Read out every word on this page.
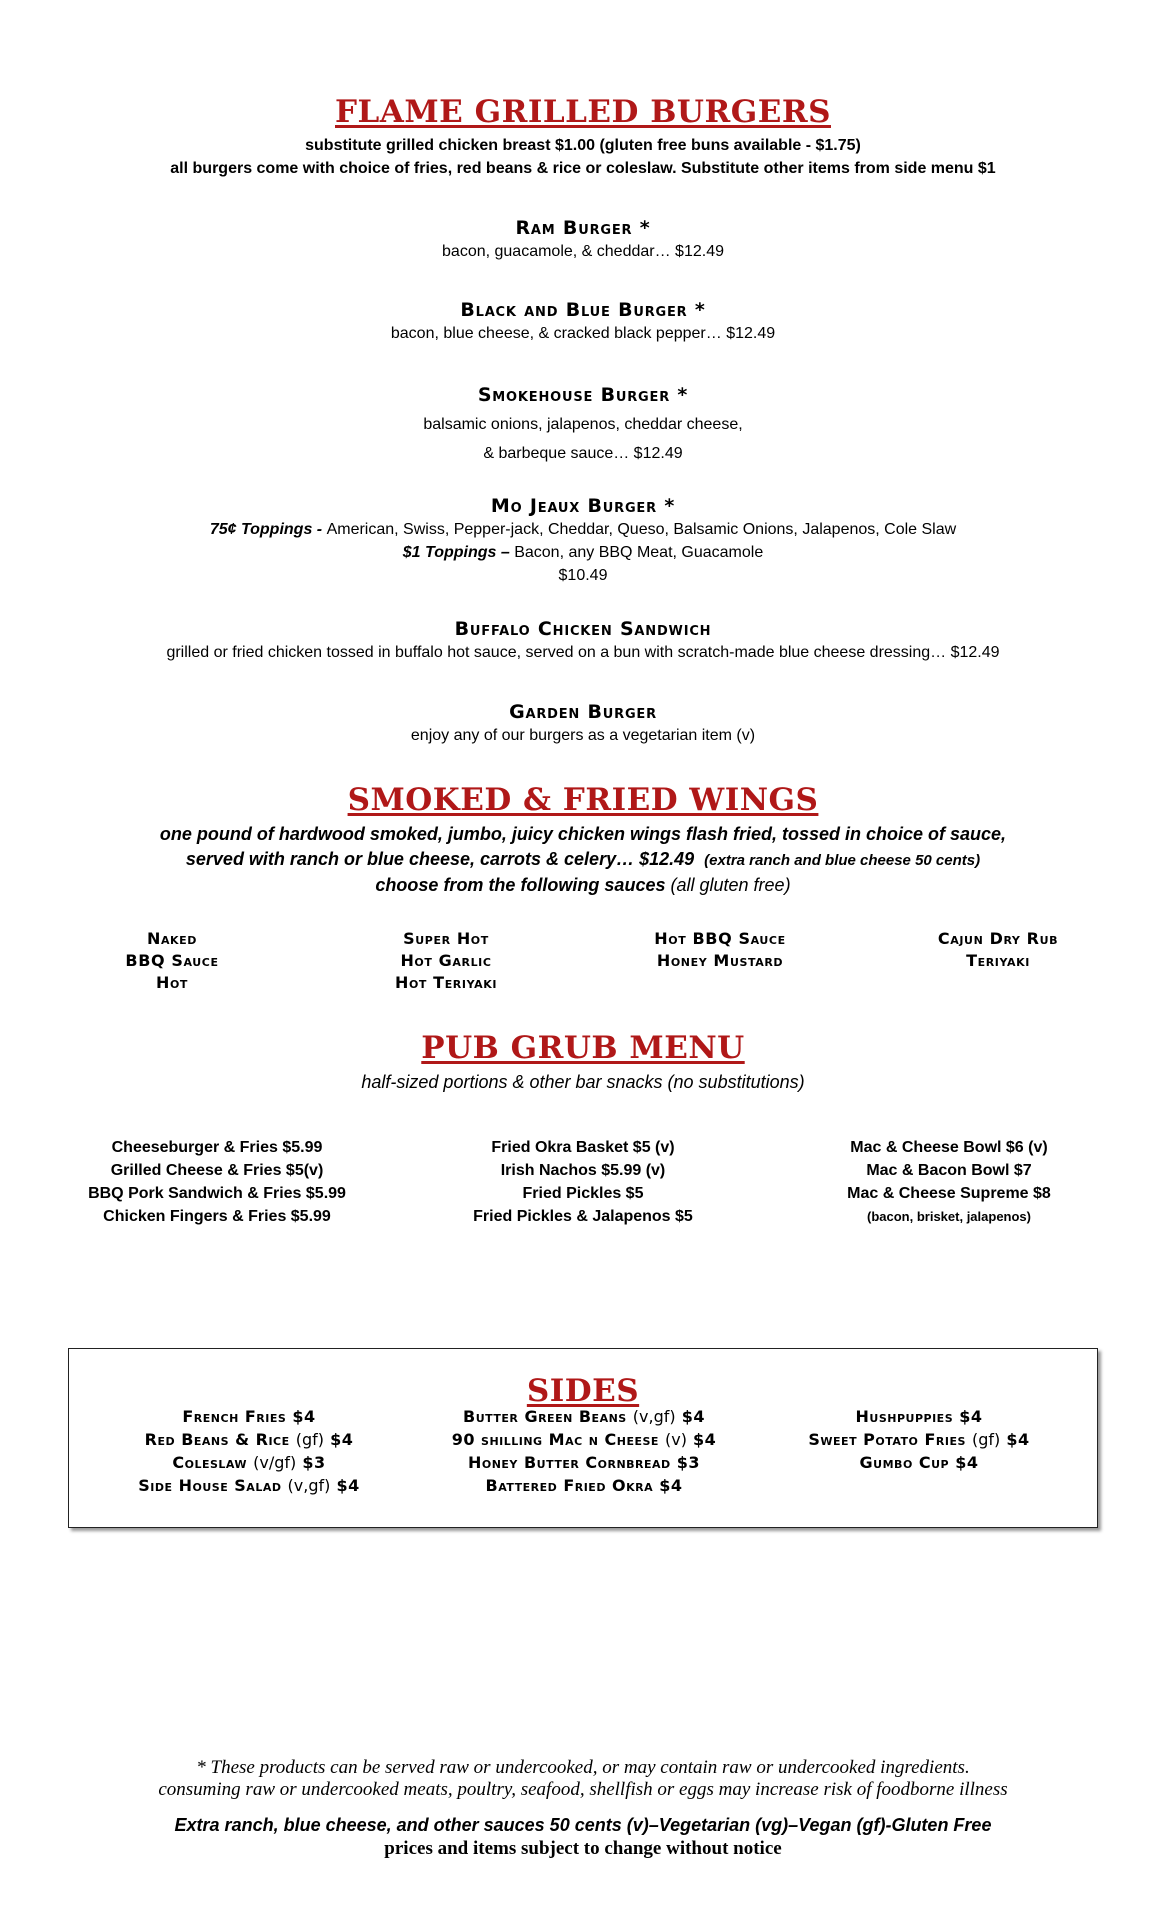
FLAME GRILLED BURGERS
substitute grilled chicken breast $1.00 (gluten free buns available - $1.75)
all burgers come with choice of fries, red beans & rice or coleslaw. Substitute other items from side menu $1
Ram Burger *
bacon, guacamole, & cheddar… $12.49
Black and Blue Burger *
bacon, blue cheese, & cracked black pepper… $12.49
Smokehouse Burger *
balsamic onions, jalapenos, cheddar cheese,
& barbeque sauce… $12.49
Mo Jeaux Burger *
75¢ Toppings - American, Swiss, Pepper-jack, Cheddar, Queso, Balsamic Onions, Jalapenos, Cole Slaw
$1 Toppings – Bacon, any BBQ Meat, Guacamole
$10.49
Buffalo Chicken Sandwich
grilled or fried chicken tossed in buffalo hot sauce, served on a bun with scratch-made blue cheese dressing… $12.49
Garden Burger
enjoy any of our burgers as a vegetarian item (v)
SMOKED & FRIED WINGS
one pound of hardwood smoked, jumbo, juicy chicken wings flash fried, tossed in choice of sauce,
served with ranch or blue cheese, carrots & celery… $12.49 (extra ranch and blue cheese 50 cents)
choose from the following sauces (all gluten free)
Naked
BBQ Sauce
Hot
Super Hot
Hot Garlic
Hot Teriyaki
Hot BBQ Sauce
Honey Mustard
Cajun Dry Rub
Teriyaki
PUB GRUB MENU
half-sized portions & other bar snacks (no substitutions)
Cheeseburger & Fries $5.99
Grilled Cheese & Fries $5(v)
BBQ Pork Sandwich & Fries $5.99
Chicken Fingers & Fries $5.99
Fried Okra Basket $5 (v)
Irish Nachos $5.99 (v)
Fried Pickles $5
Fried Pickles & Jalapenos $5
Mac & Cheese Bowl $6 (v)
Mac & Bacon Bowl $7
Mac & Cheese Supreme $8
(bacon, brisket, jalapenos)
SIDES
French Fries $4
Red Beans & Rice (gf) $4
Coleslaw (v/gf) $3
Side House Salad (v,gf) $4
Butter Green Beans (v,gf) $4
90 shilling Mac n Cheese (v) $4
Honey Butter Cornbread $3
Battered Fried Okra $4
Hushpuppies $4
Sweet Potato Fries (gf) $4
Gumbo Cup $4
* These products can be served raw or undercooked, or may contain raw or undercooked ingredients.
consuming raw or undercooked meats, poultry, seafood, shellfish or eggs may increase risk of foodborne illness
Extra ranch, blue cheese, and other sauces 50 cents (v)–Vegetarian (vg)–Vegan (gf)-Gluten Free
prices and items subject to change without notice
